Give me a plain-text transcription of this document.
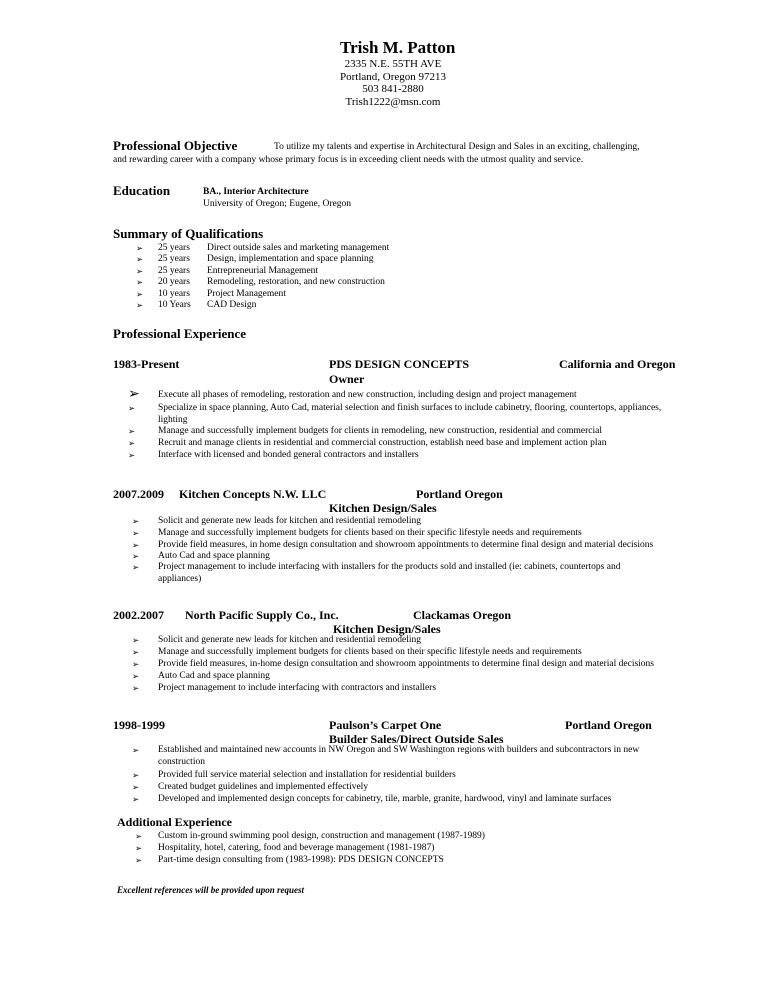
Trish M. Patton
2335 N.E. 55TH AVE
Portland, Oregon 97213
503 841-2880
Trish1222@msn.com
Professional Objective	To utilize my talents and expertise in Architectural Design and Sales in an exciting, challenging,
and rewarding career with a company whose primary focus is in exceeding client needs with the utmost quality and service.
Education	BA., Interior Architecture
University of Oregon; Eugene, Oregon
Summary of Qualifications
➢ 25 years Direct outside sales and marketing management
➢ 25 years Design, implementation and space planning
➢ 25 years Entrepreneurial Management
➢ 20 years Remodeling, restoration, and new construction
➢ 10 years Project Management
➢ 10 Years CAD Design
Professional Experience
1983-Present	PDS DESIGN CONCEPTS	California and Oregon
Owner
➢ Execute all phases of remodeling, restoration and new construction, including design and project management
➢ Specialize in space planning, Auto Cad, material selection and finish surfaces to include cabinetry, flooring, countertops, appliances, lighting
➢ Manage and successfully implement budgets for clients in remodeling, new construction, residential and commercial
➢ Recruit and manage clients in residential and commercial construction, establish need base and implement action plan
➢ Interface with licensed and bonded general contractors and installers
2007.2009 Kitchen Concepts N.W. LLC	Portland Oregon
Kitchen Design/Sales
➢ Solicit and generate new leads for kitchen and residential remodeling
➢ Manage and successfully implement budgets for clients based on their specific lifestyle needs and requirements
➢ Provide field measures, in home design consultation and showroom appointments to determine final design and material decisions
➢ Auto Cad and space planning
➢ Project management to include interfacing with installers for the products sold and installed (ie: cabinets, countertops and appliances)
2002.2007 North Pacific Supply Co., Inc.	Clackamas Oregon
Kitchen Design/Sales
➢ Solicit and generate new leads for kitchen and residential remodeling
➢ Manage and successfully implement budgets for clients based on their specific lifestyle needs and requirements
➢ Provide field measures, in-home design consultation and showroom appointments to determine final design and material decisions
➢ Auto Cad and space planning
➢ Project management to include interfacing with contractors and installers
1998-1999	Paulson’s Carpet One	Portland Oregon
Builder Sales/Direct Outside Sales
➢ Established and maintained new accounts in NW Oregon and SW Washington regions with builders and subcontractors in new construction
➢ Provided full service material selection and installation for residential builders
➢ Created budget guidelines and implemented effectively
➢ Developed and implemented design concepts for cabinetry, tile, marble, granite, hardwood, vinyl and laminate surfaces
Additional Experience
➢ Custom in-ground swimming pool design, construction and management (1987-1989)
➢ Hospitality, hotel, catering, food and beverage management (1981-1987)
➢ Part-time design consulting from (1983-1998): PDS DESIGN CONCEPTS
Excellent references will be provided upon request
